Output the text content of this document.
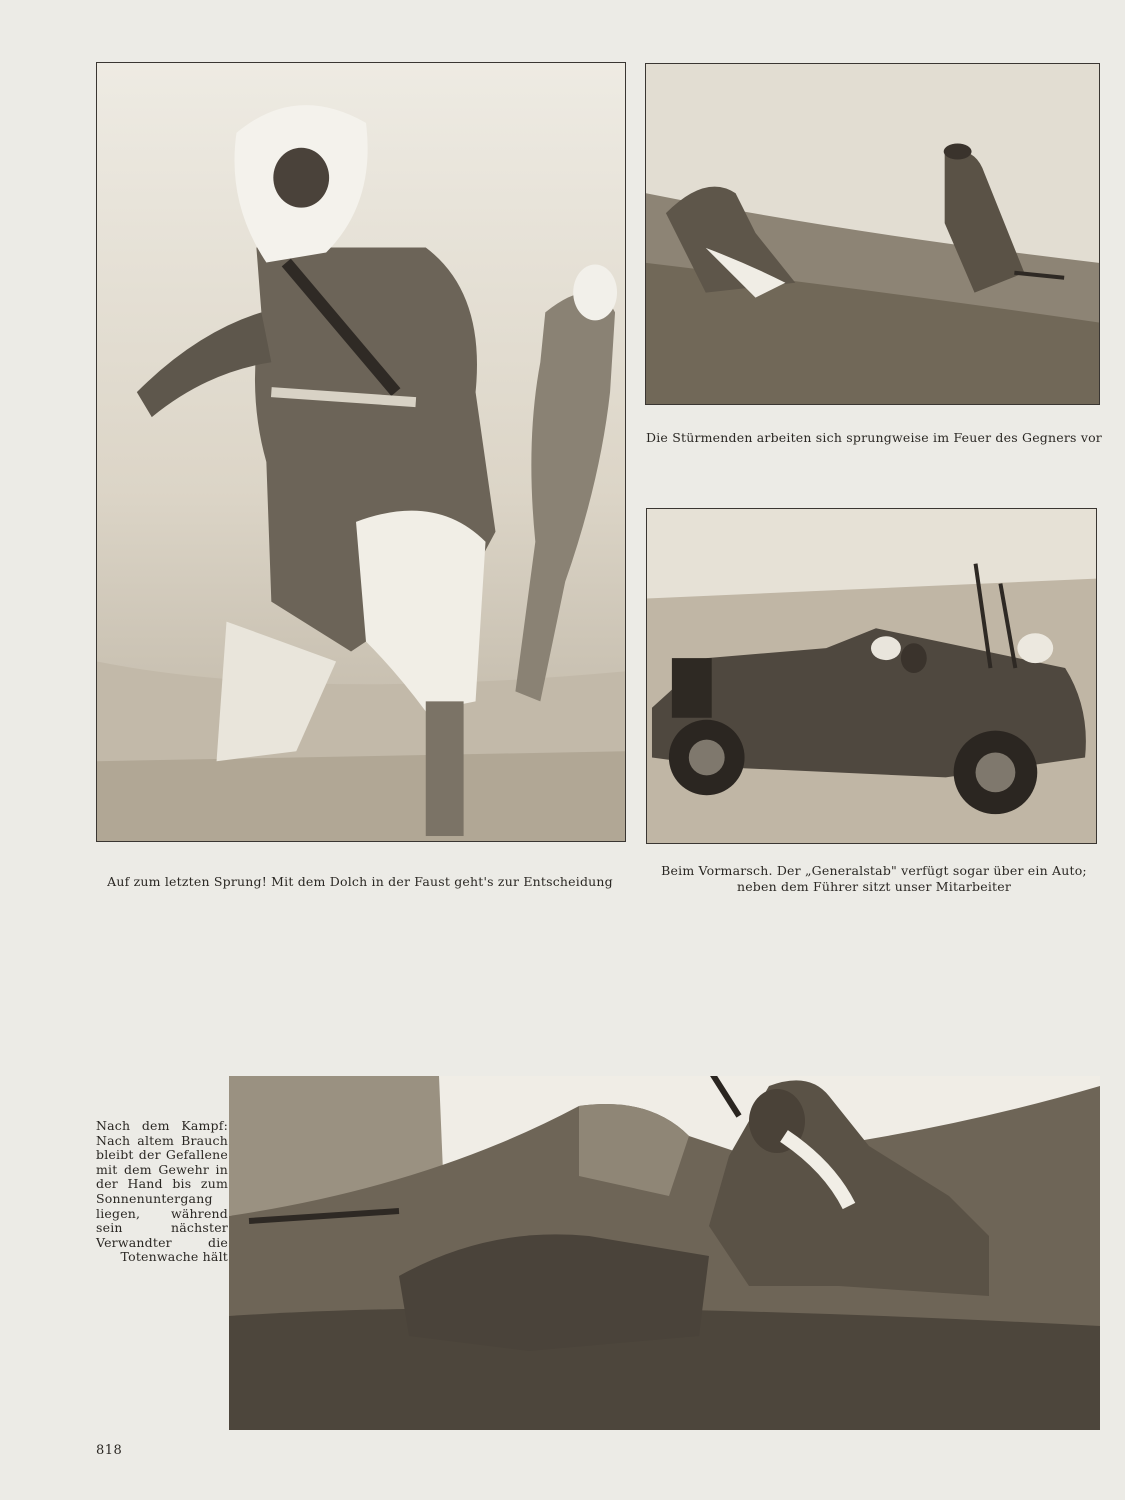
Die Stürmenden arbeiten sich sprungweise im Feuer des Gegners vor
Auf zum letzten Sprung! Mit dem Dolch in der Faust geht's zur Entscheidung
Beim Vormarsch. Der „Generalstab" verfügt sogar über ein Auto;
neben dem Führer sitzt unser Mitarbeiter
Nach dem Kampf: Nach altem Brauch bleibt der Gefallene mit dem Gewehr in der Hand bis zum Sonnenuntergang liegen, während sein nächster Verwandter die Totenwache hält
818
